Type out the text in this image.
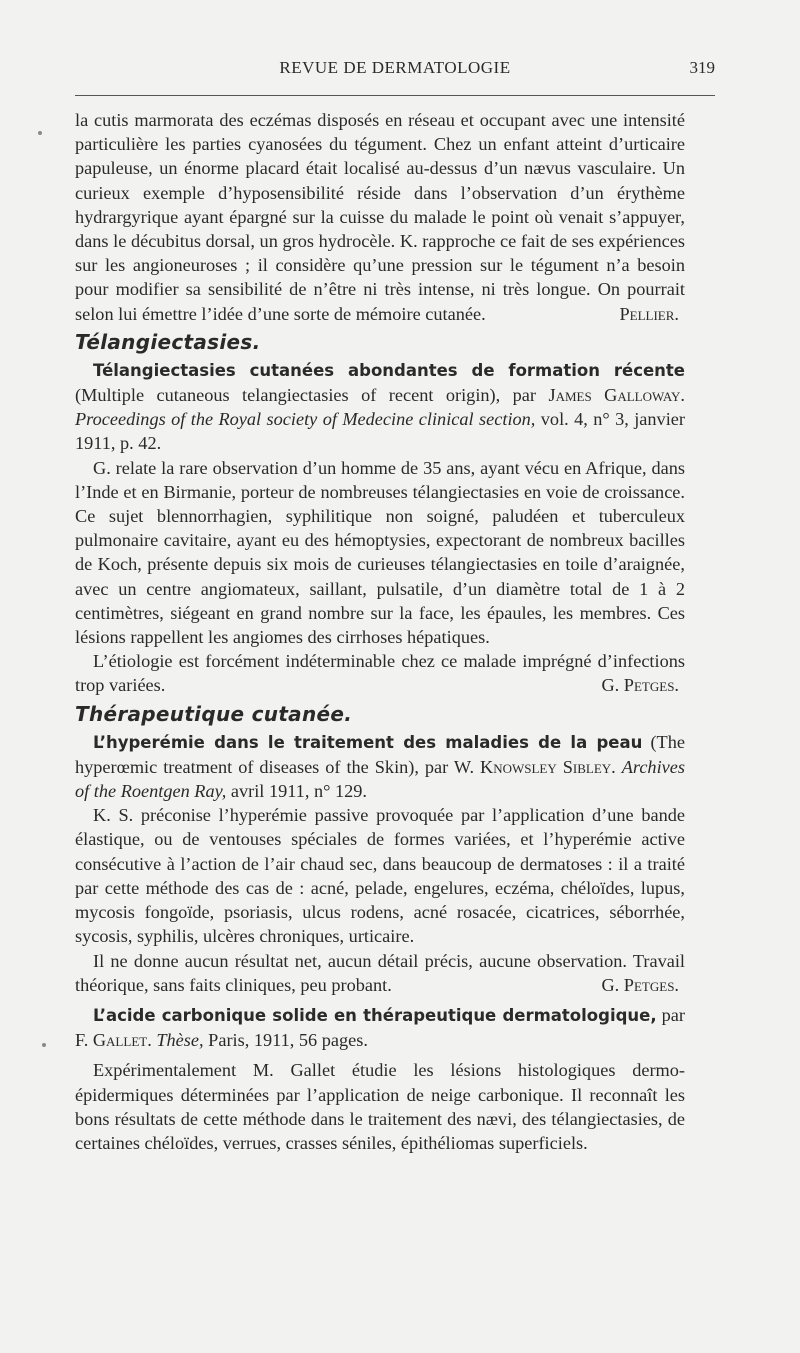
REVUE DE DERMATOLOGIE	319

la cutis marmorata des eczémas disposés en réseau et occupant avec une intensité particulière les parties cyanosées du tégument. Chez un enfant atteint d’urticaire papuleuse, un énorme placard était localisé au-dessus d’un nævus vasculaire. Un curieux exemple d’hyposensibilité réside dans l’observation d’un érythème hydrargyrique ayant épargné sur la cuisse du malade le point où venait s’appuyer, dans le décubitus dorsal, un gros hydrocèle. K. rapproche ce fait de ses expériences sur les angioneuroses ; il considère qu’une pression sur le tégument n’a besoin pour modifier sa sensibilité de n’être ni très intense, ni très longue. On pourrait selon lui émettre l’idée d’une sorte de mémoire cutanée.	Pellier.

Télangiectasies.

Télangiectasies cutanées abondantes de formation récente (Multiple cutaneous telangiectasies of recent origin), par James Galloway. Proceedings of the Royal society of Medecine clinical section, vol. 4, n° 3, janvier 1911, p. 42.

G. relate la rare observation d’un homme de 35 ans, ayant vécu en Afrique, dans l’Inde et en Birmanie, porteur de nombreuses télangiectasies en voie de croissance. Ce sujet blennorrhagien, syphilitique non soigné, paludéen et tuberculeux pulmonaire cavitaire, ayant eu des hémoptysies, expectorant de nombreux bacilles de Koch, présente depuis six mois de curieuses télangiectasies en toile d’araignée, avec un centre angiomateux, saillant, pulsatile, d’un diamètre total de 1 à 2 centimètres, siégeant en grand nombre sur la face, les épaules, les membres. Ces lésions rappellent les angiomes des cirrhoses hépatiques.

L’étiologie est forcément indéterminable chez ce malade imprégné d’infections trop variées.	G. Petges.

Thérapeutique cutanée.

L’hyperémie dans le traitement des maladies de la peau (The hyperœmic treatment of diseases of the Skin), par W. Knowsley Sibley. Archives of the Roentgen Ray, avril 1911, n° 129.

K. S. préconise l’hyperémie passive provoquée par l’application d’une bande élastique, ou de ventouses spéciales de formes variées, et l’hyperémie active consécutive à l’action de l’air chaud sec, dans beaucoup de dermatoses : il a traité par cette méthode des cas de : acné, pelade, engelures, eczéma, chéloïdes, lupus, mycosis fongoïde, psoriasis, ulcus rodens, acné rosacée, cicatrices, séborrhée, sycosis, syphilis, ulcères chroniques, urticaire.

Il ne donne aucun résultat net, aucun détail précis, aucune observation. Travail théorique, sans faits cliniques, peu probant.	G. Petges.

L’acide carbonique solide en thérapeutique dermatologique, par F. Gallet. Thèse, Paris, 1911, 56 pages.

Expérimentalement M. Gallet étudie les lésions histologiques dermo-épidermiques déterminées par l’application de neige carbonique. Il reconnaît les bons résultats de cette méthode dans le traitement des nævi, des télangiectasies, de certaines chéloïdes, verrues, crasses séniles, épithéliomas superficiels.
